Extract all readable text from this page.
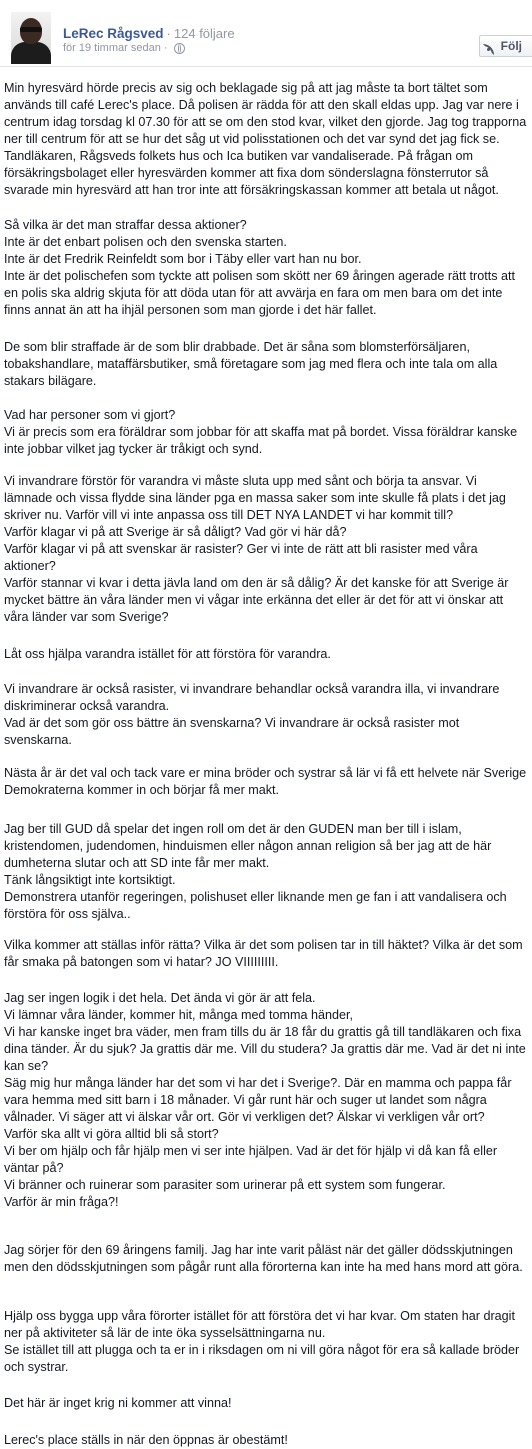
LeRec Rågsved · 124 följare
för 19 timmar sedan ·	Följ

Min hyresvärd hörde precis av sig och beklagade sig på att jag måste ta bort tältet som används till café Lerec's place. Då polisen är rädda för att den skall eldas upp. Jag var nere i centrum idag torsdag kl 07.30 för att se om den stod kvar, vilket den gjorde. Jag tog trapporna ner till centrum för att se hur det såg ut vid polisstationen och det var synd det jag fick se. Tandläkaren, Rågsveds folkets hus och Ica butiken var vandaliserade. På frågan om försäkringsbolaget eller hyresvärden kommer att fixa dom sönderslagna fönsterrutor så svarade min hyresvärd att han tror inte att försäkringskassan kommer att betala ut något.

Så vilka är det man straffar dessa aktioner?
Inte är det enbart polisen och den svenska starten.
Inte är det Fredrik Reinfeldt som bor i Täby eller vart han nu bor.
Inte är det polischefen som tyckte att polisen som skött ner 69 åringen agerade rätt trotts att en polis ska aldrig skjuta för att döda utan för att avvärja en fara om men bara om det inte finns annat än att ha ihjäl personen som man gjorde i det här fallet.

De som blir straffade är de som blir drabbade. Det är såna som blomsterförsäljaren, tobakshandlare, mataffärsbutiker, små företagare som jag med flera och inte tala om alla stakars bilägare.

Vad har personer som vi gjort?
Vi är precis som era föräldrar som jobbar för att skaffa mat på bordet. Vissa föräldrar kanske inte jobbar vilket jag tycker är tråkigt och synd.

Vi invandrare förstör för varandra vi måste sluta upp med sånt och börja ta ansvar. Vi lämnade och vissa flydde sina länder pga en massa saker som inte skulle få plats i det jag skriver nu. Varför vill vi inte anpassa oss till DET NYA LANDET vi har kommit till?
Varför klagar vi på att Sverige är så dåligt? Vad gör vi här då?
Varför klagar vi på att svenskar är rasister? Ger vi inte de rätt att bli rasister med våra aktioner?
Varför stannar vi kvar i detta jävla land om den är så dålig? Är det kanske för att Sverige är mycket bättre än våra länder men vi vågar inte erkänna det eller är det för att vi önskar att våra länder var som Sverige?

Låt oss hjälpa varandra istället för att förstöra för varandra.

Vi invandrare är också rasister, vi invandrare behandlar också varandra illa, vi invandrare diskriminerar också varandra.
Vad är det som gör oss bättre än svenskarna? Vi invandrare är också rasister mot svenskarna.

Nästa år är det val och tack vare er mina bröder och systrar så lär vi få ett helvete när Sverige Demokraterna kommer in och börjar få mer makt.

Jag ber till GUD då spelar det ingen roll om det är den GUDEN man ber till i islam, kristendomen, judendomen, hinduismen eller någon annan religion så ber jag att de här dumheterna slutar och att SD inte får mer makt.
Tänk långsiktigt inte kortsiktigt.
Demonstrera utanför regeringen, polishuset eller liknande men ge fan i att vandalisera och förstöra för oss själva..

Vilka kommer att ställas inför rätta? Vilka är det som polisen tar in till häktet? Vilka är det som får smaka på batongen som vi hatar? JO VIIIIIIIII.

Jag ser ingen logik i det hela. Det ända vi gör är att fela.
Vi lämnar våra länder, kommer hit, många med tomma händer,
Vi har kanske inget bra väder, men fram tills du är 18 får du grattis gå till tandläkaren och fixa dina tänder. Är du sjuk? Ja grattis där me. Vill du studera? Ja grattis där me. Vad är det ni inte kan se?
Säg mig hur många länder har det som vi har det i Sverige?. Där en mamma och pappa får vara hemma med sitt barn i 18 månader. Vi går runt här och suger ut landet som några vålnader. Vi säger att vi älskar vår ort. Gör vi verkligen det? Älskar vi verkligen vår ort?
Varför ska allt vi göra alltid bli så stort?
Vi ber om hjälp och får hjälp men vi ser inte hjälpen. Vad är det för hjälp vi då kan få eller väntar på?
Vi bränner och ruinerar som parasiter som urinerar på ett system som fungerar.
Varför är min fråga?!

Jag sörjer för den 69 åringens familj. Jag har inte varit påläst när det gäller dödsskjutningen men den dödsskjutningen som pågår runt alla förorterna kan inte ha med hans mord att göra.

Hjälp oss bygga upp våra förorter istället för att förstöra det vi har kvar. Om staten har dragit ner på aktiviteter så lär de inte öka sysselsättningarna nu.
Se istället till att plugga och ta er in i riksdagen om ni vill göra något för era så kallade bröder och systrar.

Det här är inget krig ni kommer att vinna!

Lerec's place ställs in när den öppnas är obestämt!
